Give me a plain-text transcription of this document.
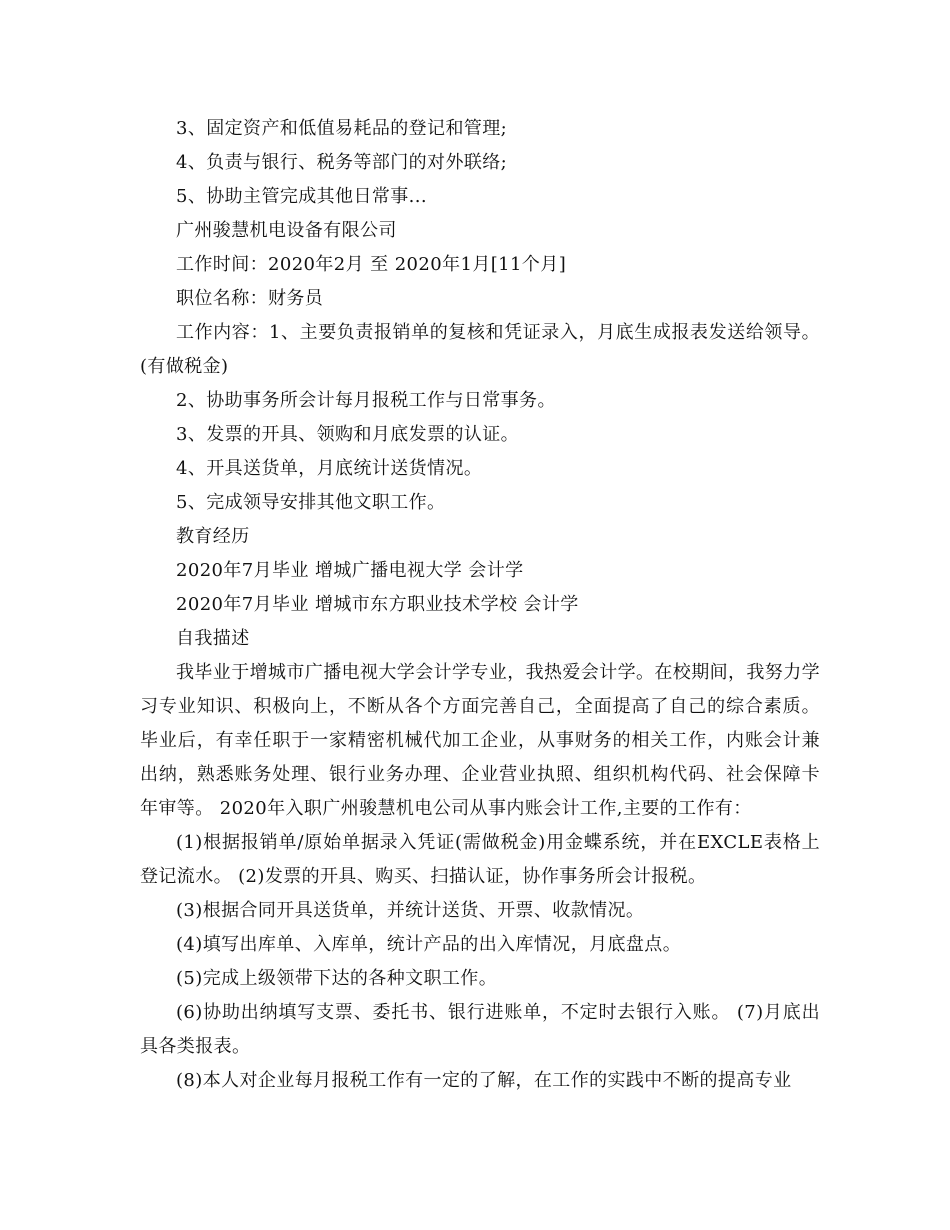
3、固定资产和低值易耗品的登记和管理;

4、负责与银行、税务等部门的对外联络;

5、协助主管完成其他日常事...

广州骏慧机电设备有限公司

工作时间：2020年2月 至 2020年1月[11个月]

职位名称：财务员

工作内容：1、主要负责报销单的复核和凭证录入，月底生成报表发送给领导。(有做税金)

2、协助事务所会计每月报税工作与日常事务。

3、发票的开具、领购和月底发票的认证。

4、开具送货单，月底统计送货情况。

5、完成领导安排其他文职工作。

教育经历

2020年7月毕业 增城广播电视大学 会计学

2020年7月毕业 增城市东方职业技术学校 会计学

自我描述

我毕业于增城市广播电视大学会计学专业，我热爱会计学。在校期间，我努力学习专业知识、积极向上，不断从各个方面完善自己，全面提高了自己的综合素质。毕业后，有幸任职于一家精密机械代加工企业，从事财务的相关工作，内账会计兼出纳，熟悉账务处理、银行业务办理、企业营业执照、组织机构代码、社会保障卡年审等。 2020年入职广州骏慧机电公司从事内账会计工作,主要的工作有：

(1)根据报销单/原始单据录入凭证(需做税金)用金蝶系统，并在EXCLE表格上登记流水。 (2)发票的开具、购买、扫描认证，协作事务所会计报税。

(3)根据合同开具送货单，并统计送货、开票、收款情况。

(4)填写出库单、入库单，统计产品的出入库情况，月底盘点。

(5)完成上级领带下达的各种文职工作。

(6)协助出纳填写支票、委托书、银行进账单，不定时去银行入账。 (7)月底出具各类报表。

(8)本人对企业每月报税工作有一定的了解，在工作的实践中不断的提高专业
